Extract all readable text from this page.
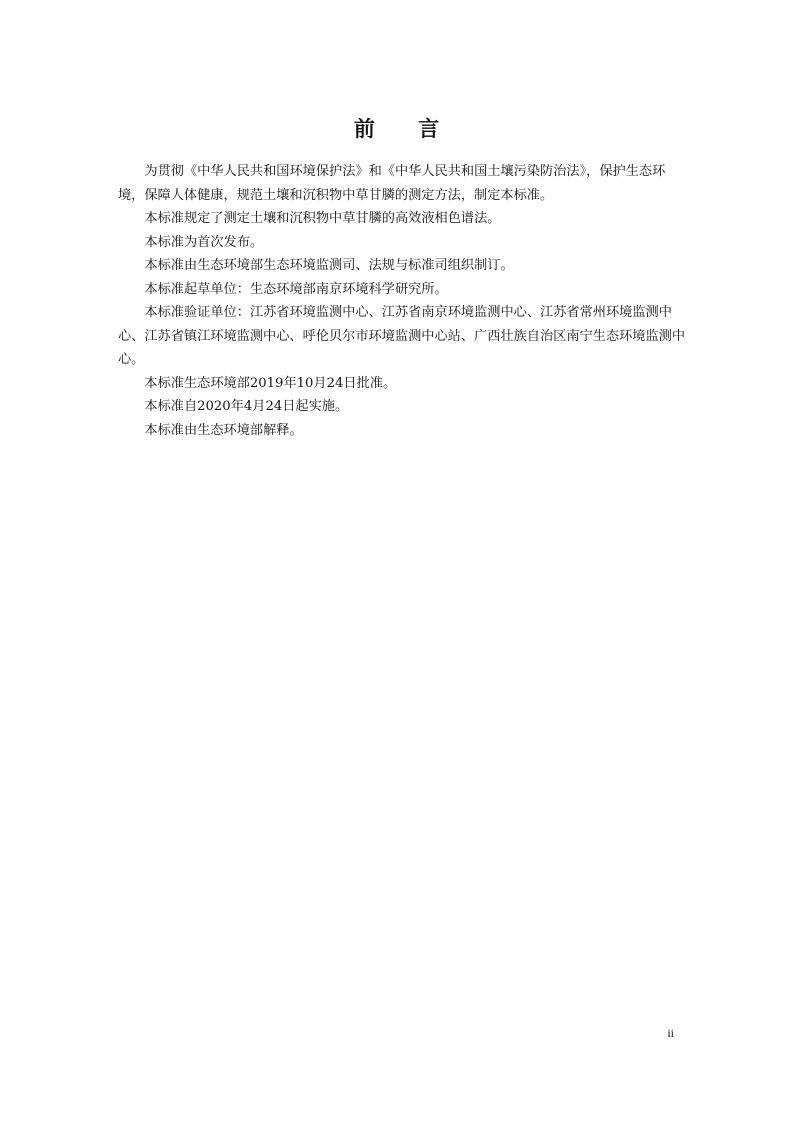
前 言

为贯彻《中华人民共和国环境保护法》和《中华人民共和国土壤污染防治法》，保护生态环境，保障人体健康，规范土壤和沉积物中草甘膦的测定方法，制定本标准。

本标准规定了测定土壤和沉积物中草甘膦的高效液相色谱法。

本标准为首次发布。

本标准由生态环境部生态环境监测司、法规与标准司组织制订。

本标准起草单位：生态环境部南京环境科学研究所。

本标准验证单位：江苏省环境监测中心、江苏省南京环境监测中心、江苏省常州环境监测中心、江苏省镇江环境监测中心、呼伦贝尔市环境监测中心站、广西壮族自治区南宁生态环境监测中心。

本标准生态环境部2019年10月24日批准。

本标准自2020年4月24日起实施。

本标准由生态环境部解释。

ii
